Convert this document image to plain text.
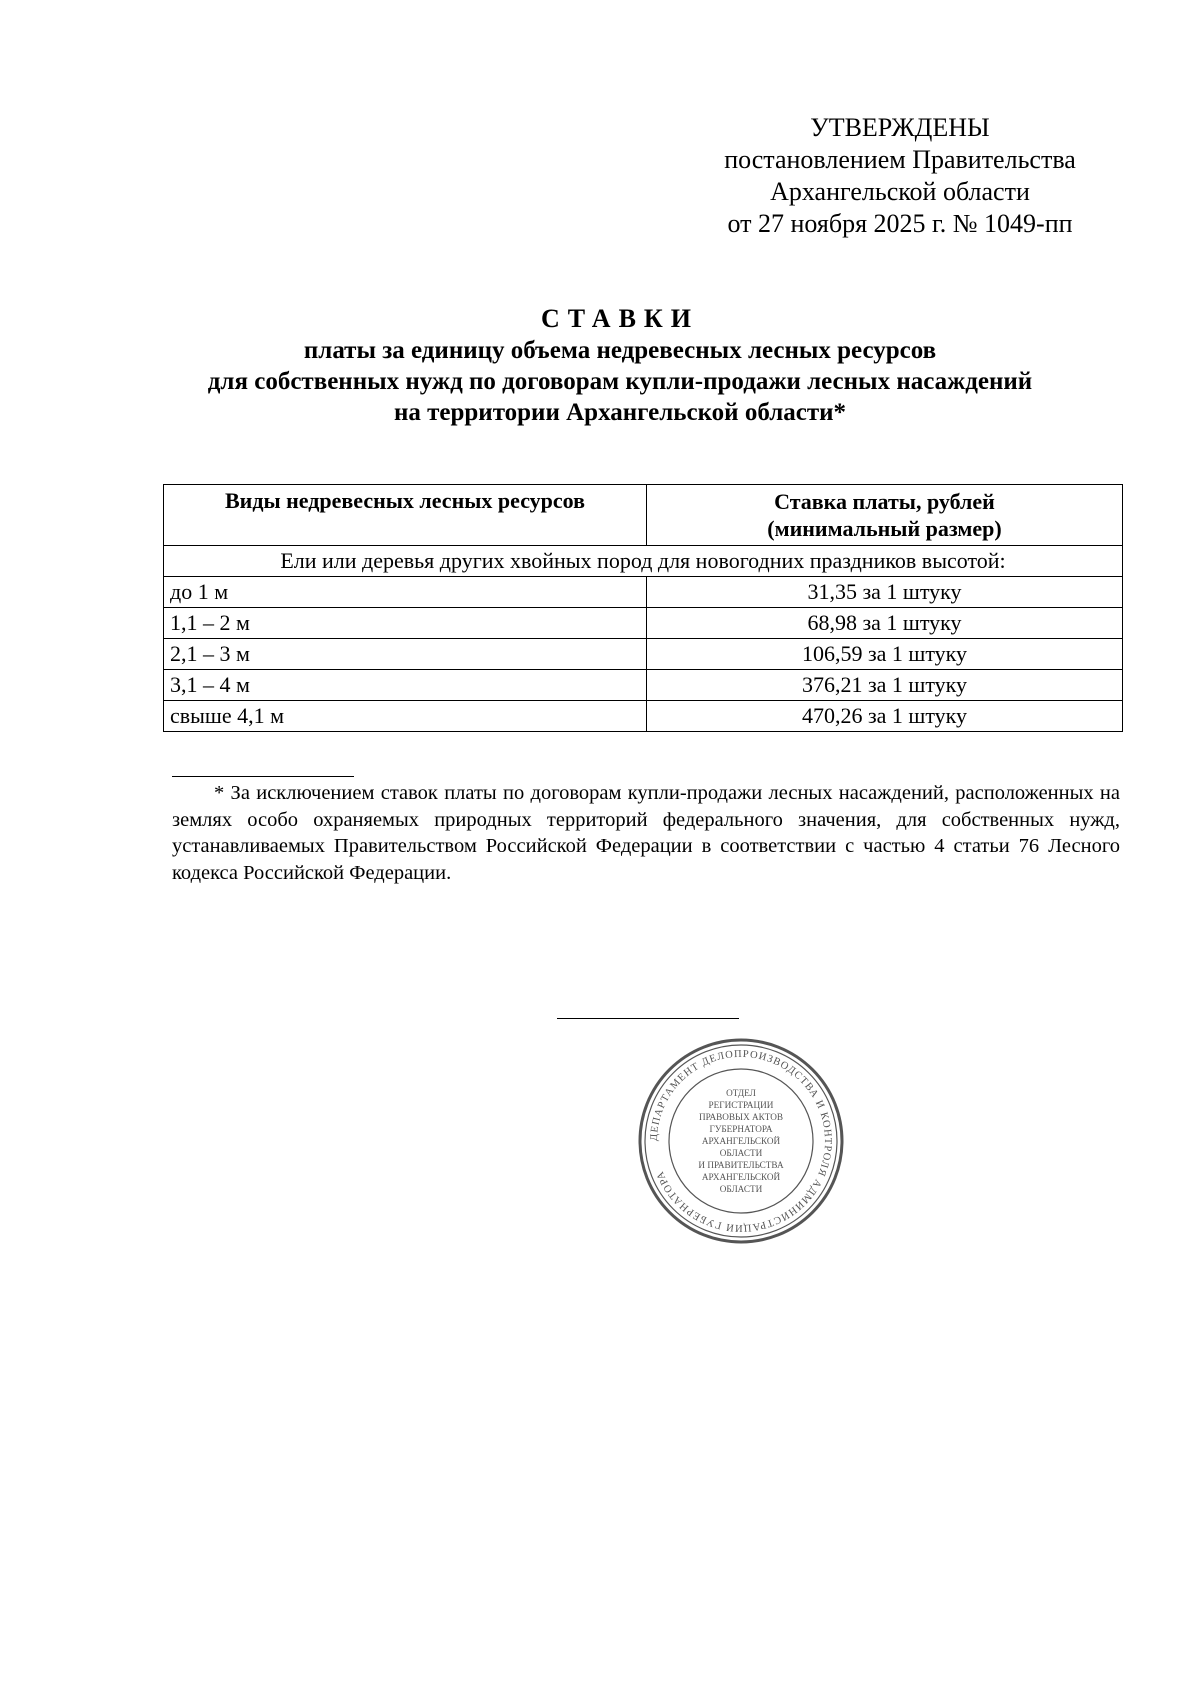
УТВЕРЖДЕНЫ
постановлением Правительства
Архангельской области
от 27 ноября 2025 г. № 1049-пп
СТАВКИ
платы за единицу объема недревесных лесных ресурсов
для собственных нужд по договорам купли-продажи лесных насаждений
на территории Архангельской области*
Виды недревесных лесных ресурсов	Ставка платы, рублей
(минимальный размер)

Ели или деревья других хвойных пород для новогодних праздников высотой:	
до 1 м	31,35 за 1 штуку
1,1 – 2 м	68,98 за 1 штуку
2,1 – 3 м	106,59 за 1 штуку
3,1 – 4 м	376,21 за 1 штуку
свыше 4,1 м	470,26 за 1 штуку
* За исключением ставок платы по договорам купли-продажи лесных насаждений, расположенных на землях особо охраняемых природных территорий федерального значения, для собственных нужд, устанавливаемых Правительством Российской Федерации в соответствии с частью 4 статьи 76 Лесного кодекса Российской Федерации.
ДЕПАРТАМЕНТ ДЕЛОПРОИЗВОДСТВА И КОНТРОЛЯ АДМИНИСТРАЦИИ ГУБЕРНАТОРА
ОТДЕЛ
РЕГИСТРАЦИИ
ПРАВОВЫХ АКТОВ
ГУБЕРНАТОРА
АРХАНГЕЛЬСКОЙ
ОБЛАСТИ
И ПРАВИТЕЛЬСТВА
АРХАНГЕЛЬСКОЙ
ОБЛАСТИ
